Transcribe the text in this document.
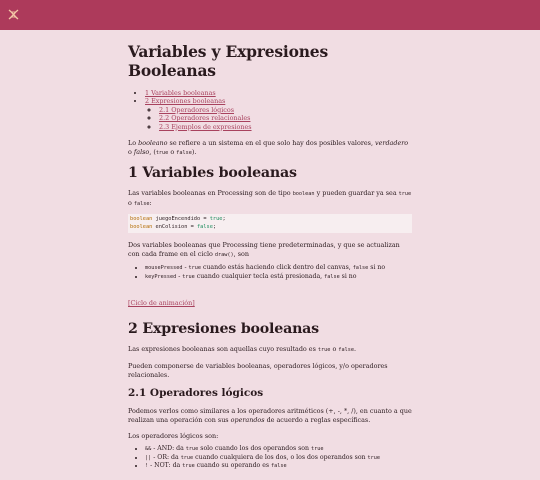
Variables y Expresiones Booleanas
• 1 Variables booleanas
• 2 Expresiones booleanas
◦ 2.1 Operadores lógicos
◦ 2.2 Operadores relacionales
◦ 2.3 Ejemplos de expresiones

Lo booleano se refiere a un sistema en el que solo hay dos posibles valores, verdadero o falso, (true o false).

1 Variables booleanas

Las variables booleanas en Processing son de tipo boolean y pueden guardar ya sea true o false:

boolean juegoEncendido = true;
boolean enColision = false;

Dos variables booleanas que Processing tiene predeterminadas, y que se actualizan con cada frame en el ciclo draw(), son

• mousePressed - true cuando estás haciendo click dentro del canvas, false si no
• keyPressed - true cuando cualquier tecla está presionada, false si no
[Ciclo de animación]
2 Expresiones booleanas

Las expresiones booleanas son aquellas cuyo resultado es true o false.

Pueden componerse de variables booleanas, operadores lógicos, y/o operadores relacionales.

2.1 Operadores lógicos

Podemos verlos como similares a los operadores aritméticos (+, -, *, /), en cuanto a que realizan una operación con sus operandos de acuerdo a reglas específicas.

Los operadores lógicos son:

• && - AND: da true solo cuando los dos operandos son true
• || - OR: da true cuando cualquiera de los dos, o los dos operandos son true
• ! - NOT: da true cuando su operando es false
